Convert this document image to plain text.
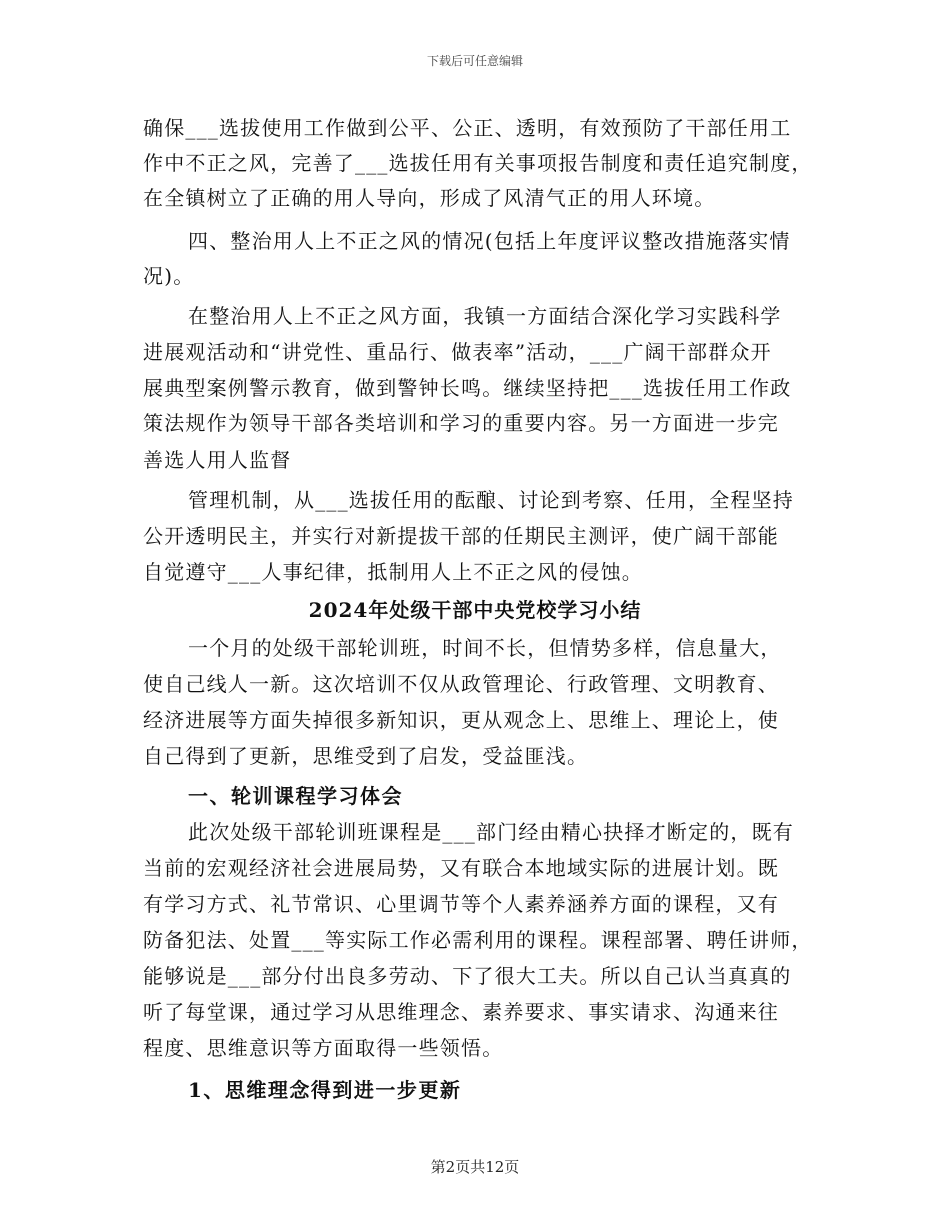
下载后可任意编辑
确保___选拔使用工作做到公平、公正、透明，有效预防了干部任用工
作中不正之风，完善了___选拔任用有关事项报告制度和责任追究制度，
在全镇树立了正确的用人导向，形成了风清气正的用人环境。
四、整治用人上不正之风的情况(包括上年度评议整改措施落实情
况)。
在整治用人上不正之风方面，我镇一方面结合深化学习实践科学
进展观活动和“讲党性、重品行、做表率”活动，___广阔干部群众开
展典型案例警示教育，做到警钟长鸣。继续坚持把___选拔任用工作政
策法规作为领导干部各类培训和学习的重要内容。另一方面进一步完
善选人用人监督
管理机制，从___选拔任用的酝酿、讨论到考察、任用，全程坚持
公开透明民主，并实行对新提拔干部的任期民主测评，使广阔干部能
自觉遵守___人事纪律，抵制用人上不正之风的侵蚀。
2024年处级干部中央党校学习小结
一个月的处级干部轮训班，时间不长，但情势多样，信息量大，
使自己线人一新。这次培训不仅从政管理论、行政管理、文明教育、
经济进展等方面失掉很多新知识，更从观念上、思维上、理论上，使
自己得到了更新，思维受到了启发，受益匪浅。
一、轮训课程学习体会
此次处级干部轮训班课程是___部门经由精心抉择才断定的，既有
当前的宏观经济社会进展局势，又有联合本地域实际的进展计划。既
有学习方式、礼节常识、心里调节等个人素养涵养方面的课程，又有
防备犯法、处置___等实际工作必需利用的课程。课程部署、聘任讲师，
能够说是___部分付出良多劳动、下了很大工夫。所以自己认当真真的
听了每堂课，通过学习从思维理念、素养要求、事实请求、沟通来往
程度、思维意识等方面取得一些领悟。
1、思维理念得到进一步更新
第2页共12页
